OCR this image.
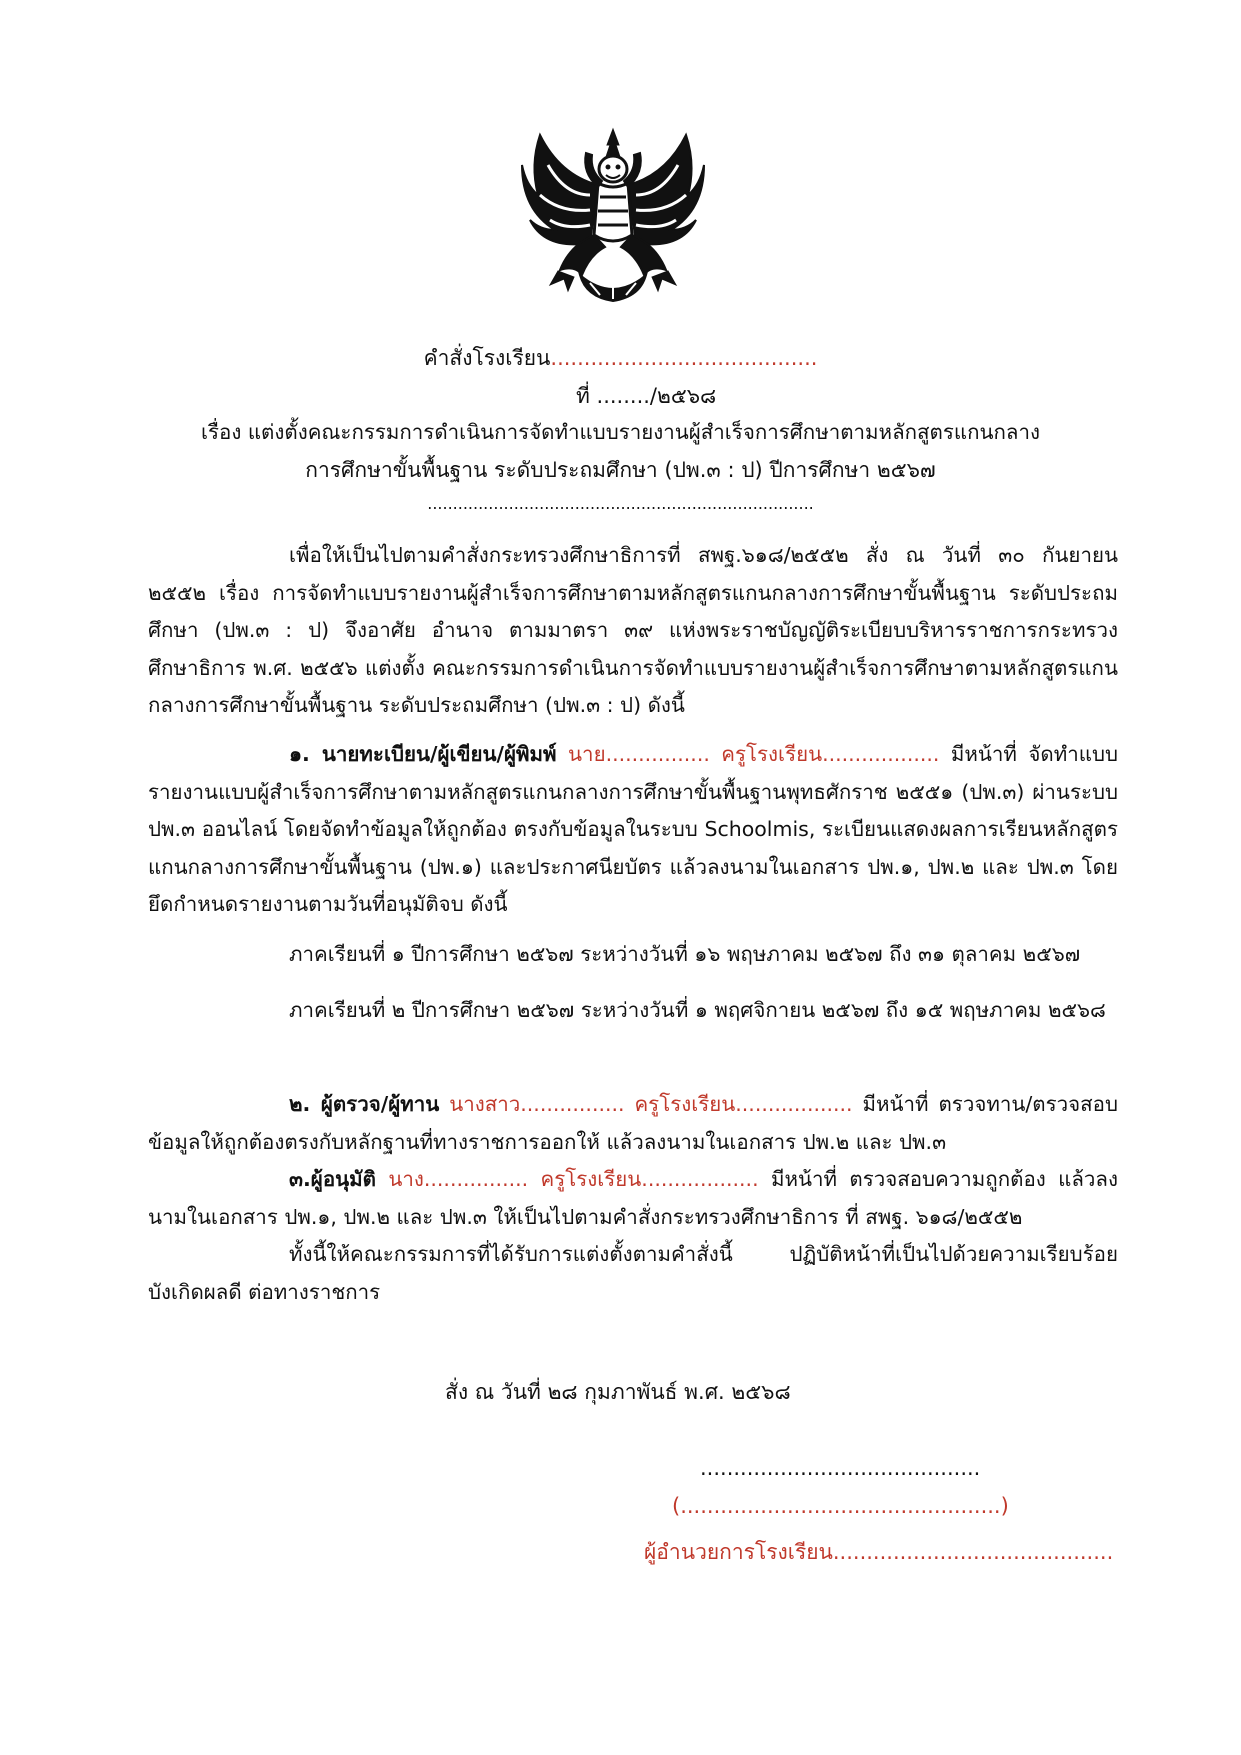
คำสั่งโรงเรียน........................................
ที่ ......../๒๕๖๘
เรื่อง แต่งตั้งคณะกรรมการดำเนินการจัดทำแบบรายงานผู้สำเร็จการศึกษาตามหลักสูตรแกนกลาง
การศึกษาขั้นพื้นฐาน ระดับประถมศึกษา (ปพ.๓ : ป) ปีการศึกษา ๒๕๖๗
............................................................................
เพื่อให้เป็นไปตามคำสั่งกระทรวงศึกษาธิการที่ สพฐ.๖๑๘/๒๕๕๒ สั่ง ณ วันที่ ๓๐ กันยายน ๒๕๕๒ เรื่อง การจัดทำแบบรายงานผู้สำเร็จการศึกษาตามหลักสูตรแกนกลางการศึกษาขั้นพื้นฐาน ระดับประถมศึกษา (ปพ.๓ : ป) จึงอาศัย อำนาจ ตามมาตรา ๓๙ แห่งพระราชบัญญัติระเบียบบริหารราชการกระทรวงศึกษาธิการ พ.ศ. ๒๕๕๖ แต่งตั้ง คณะกรรมการดำเนินการจัดทำแบบรายงานผู้สำเร็จการศึกษาตามหลักสูตรแกนกลางการศึกษาขั้นพื้นฐาน ระดับประถมศึกษา (ปพ.๓ : ป) ดังนี้
๑. นายทะเบียน/ผู้เขียน/ผู้พิมพ์ นาย................ ครูโรงเรียน.................. มีหน้าที่ จัดทำแบบรายงานแบบผู้สำเร็จการศึกษาตามหลักสูตรแกนกลางการศึกษาขั้นพื้นฐานพุทธศักราช ๒๕๕๑ (ปพ.๓) ผ่านระบบ ปพ.๓ ออนไลน์ โดยจัดทำข้อมูลให้ถูกต้อง ตรงกับข้อมูลในระบบ Schoolmis, ระเบียนแสดงผลการเรียนหลักสูตรแกนกลางการศึกษาขั้นพื้นฐาน (ปพ.๑) และประกาศนียบัตร แล้วลงนามในเอกสาร ปพ.๑, ปพ.๒ และ ปพ.๓ โดยยึดกำหนดรายงานตามวันที่อนุมัติจบ ดังนี้
ภาคเรียนที่ ๑ ปีการศึกษา ๒๕๖๗ ระหว่างวันที่ ๑๖ พฤษภาคม ๒๕๖๗ ถึง ๓๑ ตุลาคม ๒๕๖๗
ภาคเรียนที่ ๒ ปีการศึกษา ๒๕๖๗ ระหว่างวันที่ ๑ พฤศจิกายน ๒๕๖๗ ถึง ๑๕ พฤษภาคม ๒๕๖๘
๒. ผู้ตรวจ/ผู้ทาน นางสาว................ ครูโรงเรียน.................. มีหน้าที่ ตรวจทาน/ตรวจสอบข้อมูลให้ถูกต้องตรงกับหลักฐานที่ทางราชการออกให้ แล้วลงนามในเอกสาร ปพ.๒ และ ปพ.๓
๓.ผู้อนุมัติ นาง................ ครูโรงเรียน.................. มีหน้าที่ ตรวจสอบความถูกต้อง แล้วลงนามในเอกสาร ปพ.๑, ปพ.๒ และ ปพ.๓ ให้เป็นไปตามคำสั่งกระทรวงศึกษาธิการ ที่ สพฐ. ๖๑๘/๒๕๕๒
ทั้งนี้ให้คณะกรรมการที่ได้รับการแต่งตั้งตามคำสั่งนี้ ปฏิบัติหน้าที่เป็นไปด้วยความเรียบร้อย บังเกิดผลดี ต่อทางราชการ
สั่ง ณ วันที่ ๒๘ กุมภาพันธ์ พ.ศ. ๒๕๖๘
..........................................
(................................................)
ผู้อำนวยการโรงเรียน..........................................
